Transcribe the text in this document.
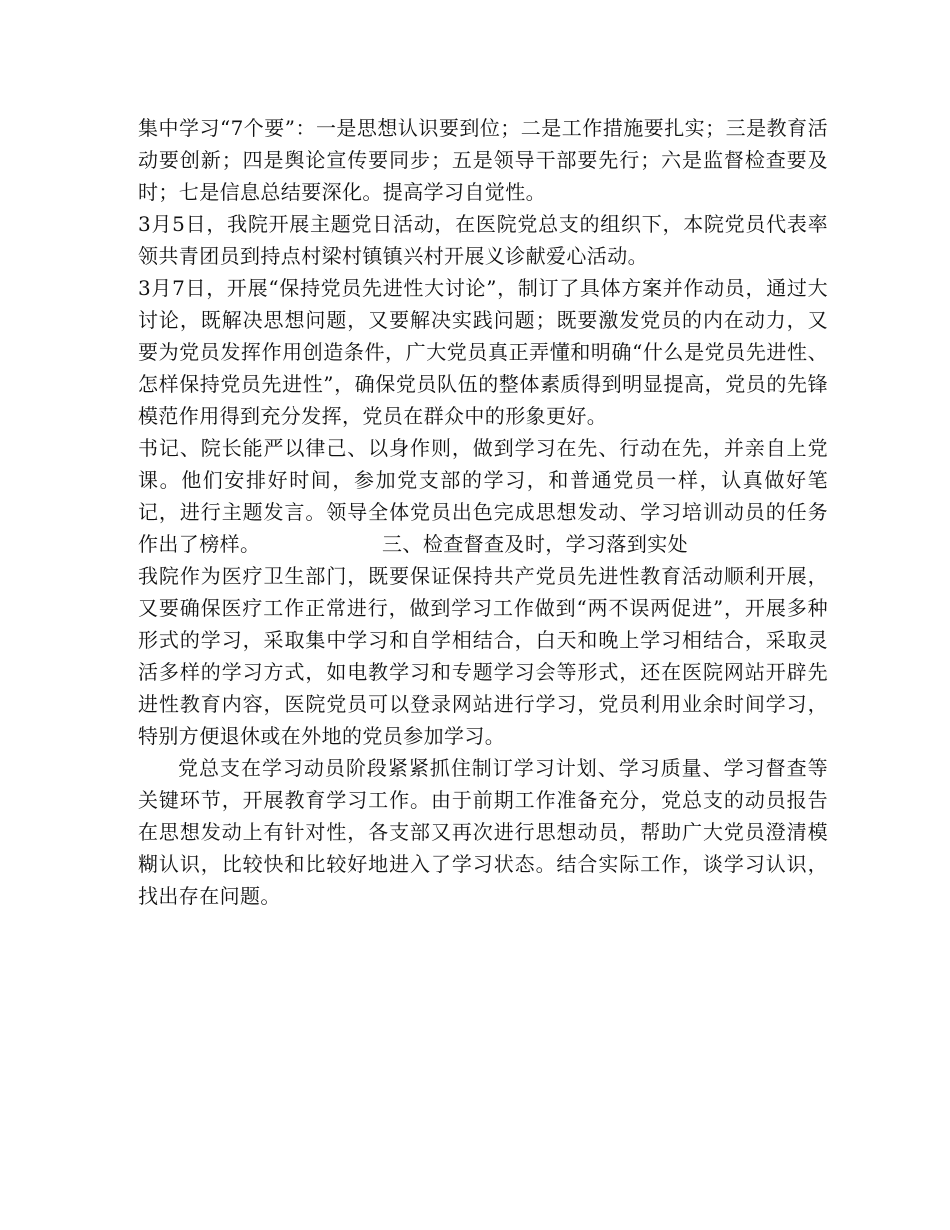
集中学习“7个要”：一是思想认识要到位；二是工作措施要扎实；三是教育活动要创新；四是舆论宣传要同步；五是领导干部要先行；六是监督检查要及时；七是信息总结要深化。提高学习自觉性。

3月5日，我院开展主题党日活动，在医院党总支的组织下，本院党员代表率领共青团员到持点村梁村镇镇兴村开展义诊献爱心活动。

3月7日，开展“保持党员先进性大讨论”，制订了具体方案并作动员，通过大讨论，既解决思想问题，又要解决实践问题；既要激发党员的内在动力，又要为党员发挥作用创造条件，广大党员真正弄懂和明确“什么是党员先进性、怎样保持党员先进性”，确保党员队伍的整体素质得到明显提高，党员的先锋模范作用得到充分发挥，党员在群众中的形象更好。

书记、院长能严以律己、以身作则，做到学习在先、行动在先，并亲自上党课。他们安排好时间，参加党支部的学习，和普通党员一样，认真做好笔记，进行主题发言。领导全体党员出色完成思想发动、学习培训动员的任务作出了榜样。                  三、检查督查及时，学习落到实处

我院作为医疗卫生部门，既要保证保持共产党员先进性教育活动顺利开展，又要确保医疗工作正常进行，做到学习工作做到“两不误两促进”，开展多种形式的学习，采取集中学习和自学相结合，白天和晚上学习相结合，采取灵活多样的学习方式，如电教学习和专题学习会等形式，还在医院网站开辟先进性教育内容，医院党员可以登录网站进行学习，党员利用业余时间学习，特别方便退休或在外地的党员参加学习。

党总支在学习动员阶段紧紧抓住制订学习计划、学习质量、学习督查等关键环节，开展教育学习工作。由于前期工作准备充分，党总支的动员报告在思想发动上有针对性，各支部又再次进行思想动员，帮助广大党员澄清模糊认识，比较快和比较好地进入了学习状态。结合实际工作，谈学习认识，找出存在问题。
